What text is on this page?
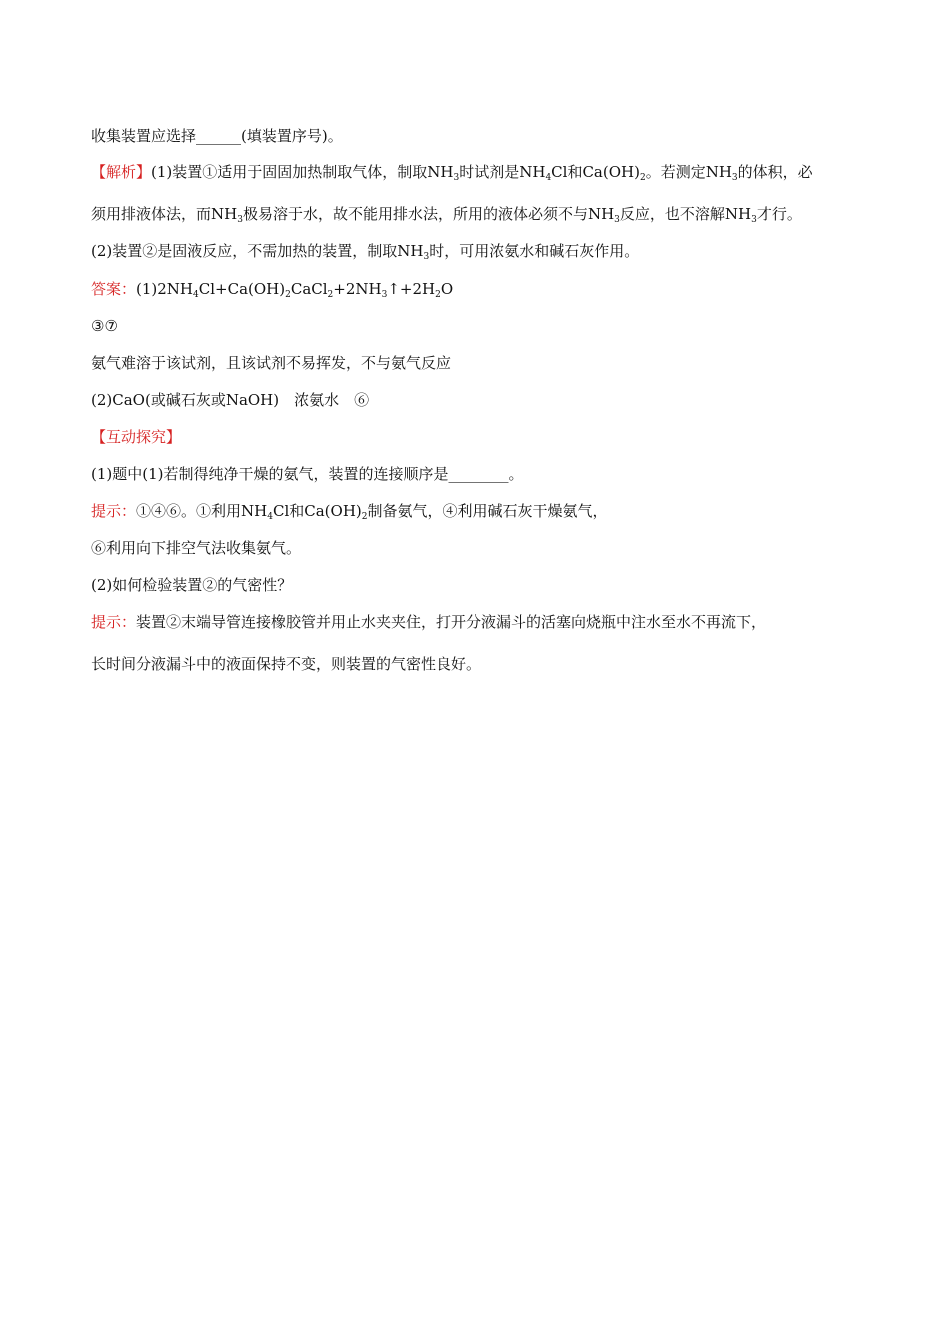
收集装置应选择______(填装置序号)。
【解析】(1)装置①适用于固固加热制取气体，制取$NH_3$时试剂是$NH_4Cl$和$Ca(OH)_2$。若测定$NH_3$的体积，必
须用排液体法，而$NH_3$极易溶于水，故不能用排水法，所用的液体必须不与$NH_3$反应，也不溶解$NH_3$才行。
(2)装置②是固液反应，不需加热的装置，制取$NH_3$时，可用浓氨水和碱石灰作用。
答案：$(1)2NH_4Cl+Ca(OH)_2CaCl_2+2NH_3↑+2H_2O$
③⑦
氨气难溶于该试剂，且该试剂不易挥发，不与氨气反应
(2)CaO(或碱石灰或NaOH)　浓氨水　⑥
【互动探究】
(1)题中(1)若制得纯净干燥的氨气，装置的连接顺序是________。
提示：①④⑥。①利用$NH_4Cl$和$Ca(OH)_2$制备氨气，④利用碱石灰干燥氨气，
⑥利用向下排空气法收集氨气。
(2)如何检验装置②的气密性？
提示：装置②末端导管连接橡胶管并用止水夹夹住，打开分液漏斗的活塞向烧瓶中注水至水不再流下，
长时间分液漏斗中的液面保持不变，则装置的气密性良好。
